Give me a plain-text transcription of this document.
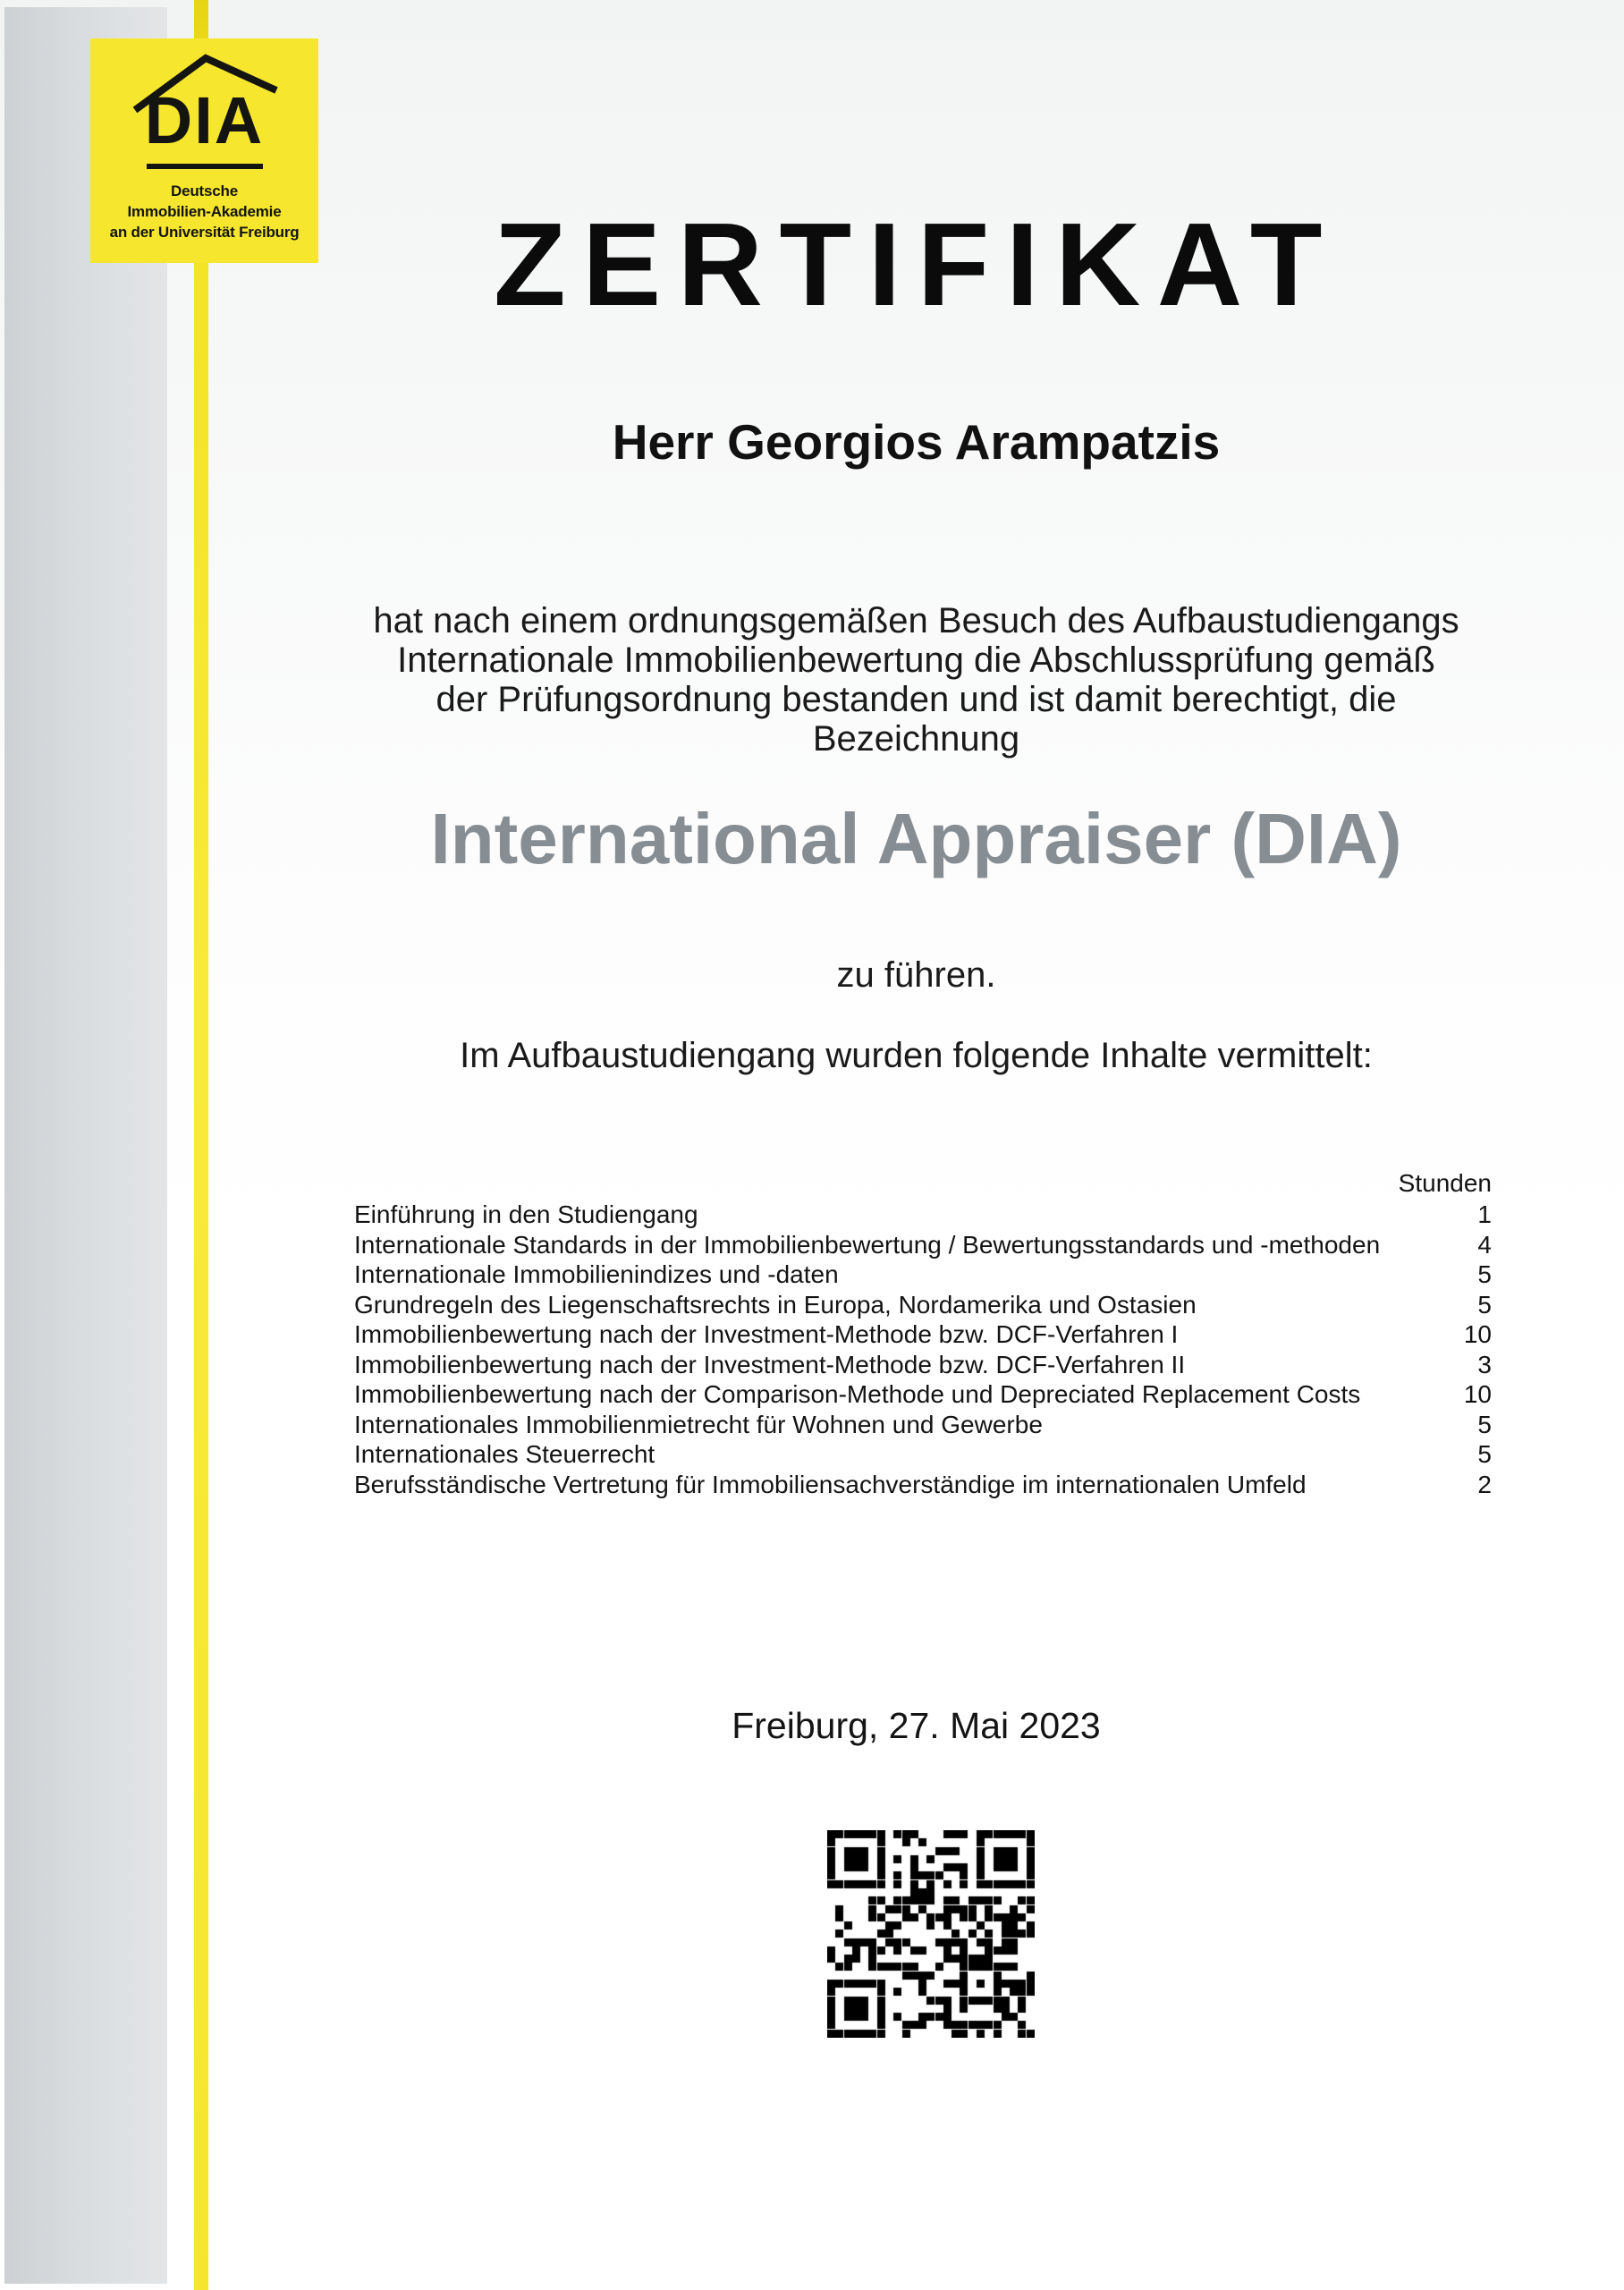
DIA
Deutsche
Immobilien-Akademie
an der Universität Freiburg	ZERTIFIKAT
Herr Georgios Arampatzis
hat nach einem ordnungsgemäßen Besuch des Aufbaustudiengangs
Internationale Immobilienbewertung die Abschlussprüfung gemäß
der Prüfungsordnung bestanden und ist damit berechtigt, die
Bezeichnung
International Appraiser (DIA)
zu führen.
Im Aufbaustudiengang wurden folgende Inhalte vermittelt:
Freiburg, 27. Mai 2023
Stunden
Einführung in den Studiengang	1
Internationale Standards in der Immobilienbewertung / Bewertungsstandards und -methoden	4
Internationale Immobilienindizes und -daten	5
Grundregeln des Liegenschaftsrechts in Europa, Nordamerika und Ostasien	5
Immobilienbewertung nach der Investment-Methode bzw. DCF-Verfahren I	10
Immobilienbewertung nach der Investment-Methode bzw. DCF-Verfahren II	3
Immobilienbewertung nach der Comparison-Methode und Depreciated Replacement Costs	10
Internationales Immobilienmietrecht für Wohnen und Gewerbe	5
Internationales Steuerrecht	5
Berufsständische Vertretung für Immobiliensachverständige im internationalen Umfeld	2
